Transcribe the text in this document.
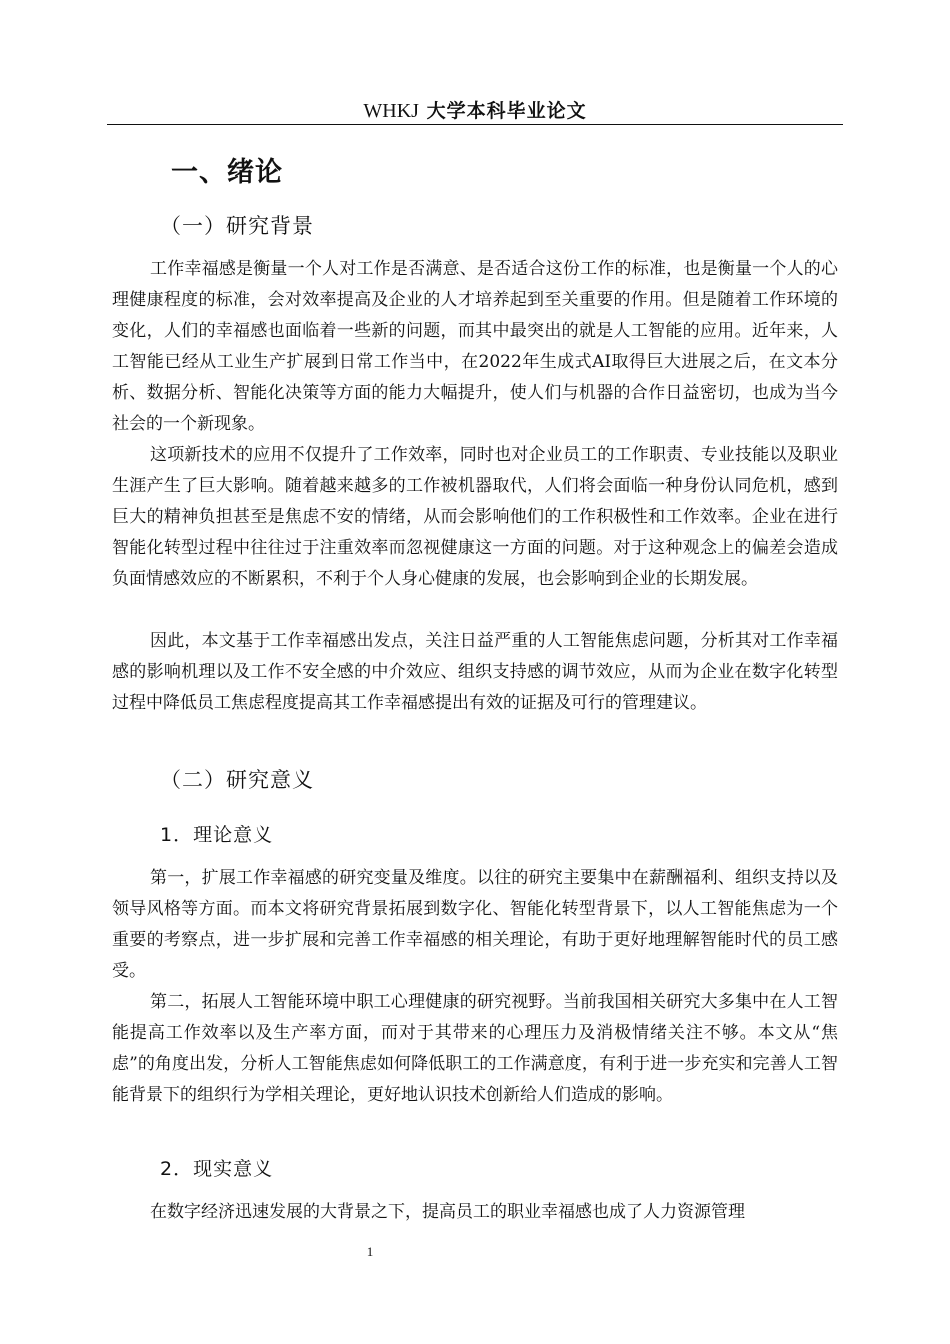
WHKJ 大学本科毕业论文
一、绪论
（一）研究背景

工作幸福感是衡量一个人对工作是否满意、是否适合这份工作的标准，也是衡量一个人的心理健康程度的标准，会对效率提高及企业的人才培养起到至关重要的作用。但是随着工作环境的变化，人们的幸福感也面临着一些新的问题，而其中最突出的就是人工智能的应用。近年来，人工智能已经从工业生产扩展到日常工作当中，在2022年生成式AI取得巨大进展之后，在文本分析、数据分析、智能化决策等方面的能力大幅提升，使人们与机器的合作日益密切，也成为当今社会的一个新现象。

这项新技术的应用不仅提升了工作效率，同时也对企业员工的工作职责、专业技能以及职业生涯产生了巨大影响。随着越来越多的工作被机器取代，人们将会面临一种身份认同危机，感到巨大的精神负担甚至是焦虑不安的情绪，从而会影响他们的工作积极性和工作效率。企业在进行智能化转型过程中往往过于注重效率而忽视健康这一方面的问题。对于这种观念上的偏差会造成负面情感效应的不断累积，不利于个人身心健康的发展，也会影响到企业的长期发展。

因此，本文基于工作幸福感出发点，关注日益严重的人工智能焦虑问题，分析其对工作幸福感的影响机理以及工作不安全感的中介效应、组织支持感的调节效应，从而为企业在数字化转型过程中降低员工焦虑程度提高其工作幸福感提出有效的证据及可行的管理建议。

（二）研究意义
1．理论意义

第一，扩展工作幸福感的研究变量及维度。以往的研究主要集中在薪酬福利、组织支持以及领导风格等方面。而本文将研究背景拓展到数字化、智能化转型背景下，以人工智能焦虑为一个重要的考察点，进一步扩展和完善工作幸福感的相关理论，有助于更好地理解智能时代的员工感受。

第二，拓展人工智能环境中职工心理健康的研究视野。当前我国相关研究大多集中在人工智能提高工作效率以及生产率方面，而对于其带来的心理压力及消极情绪关注不够。本文从“焦虑”的角度出发，分析人工智能焦虑如何降低职工的工作满意度，有利于进一步充实和完善人工智能背景下的组织行为学相关理论，更好地认识技术创新给人们造成的影响。

2．现实意义

在数字经济迅速发展的大背景之下，提高员工的职业幸福感也成了人力资源管理

1
